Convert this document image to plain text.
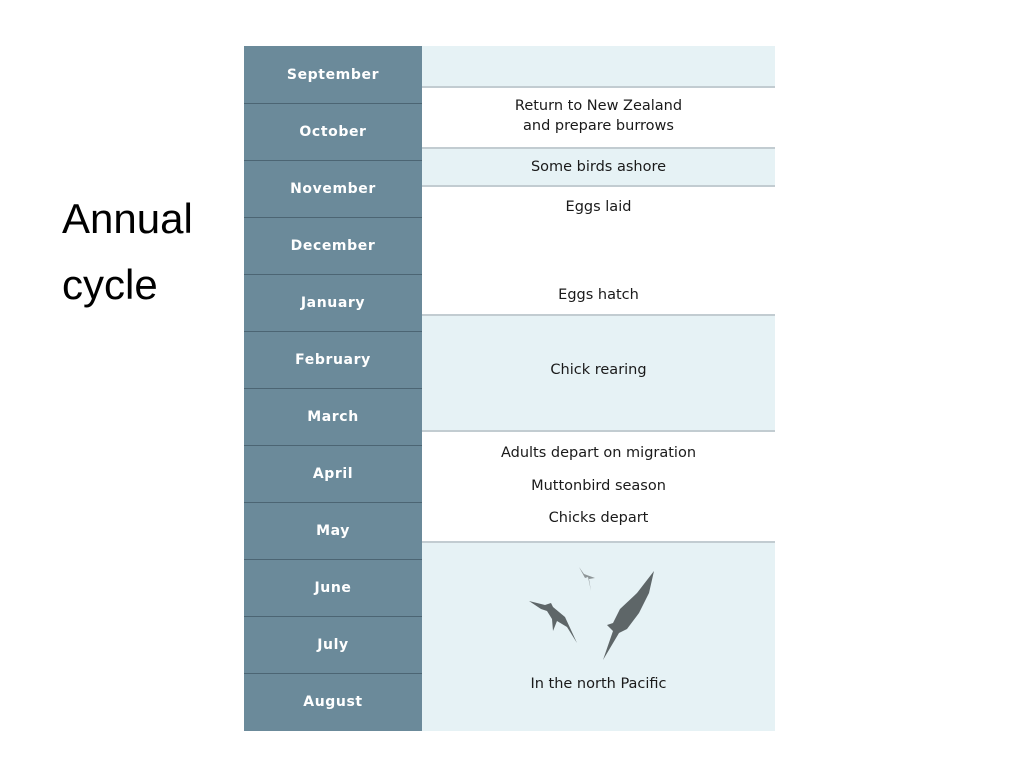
Annual
cycle
September
October
November
December
January
February
March
April
May
June
July
August
Return to New Zealand
and prepare burrows
Some birds ashore
Eggs laid
Eggs hatch
Chick rearing
Adults depart on migration
Muttonbird season
Chicks depart
In the north Pacific
